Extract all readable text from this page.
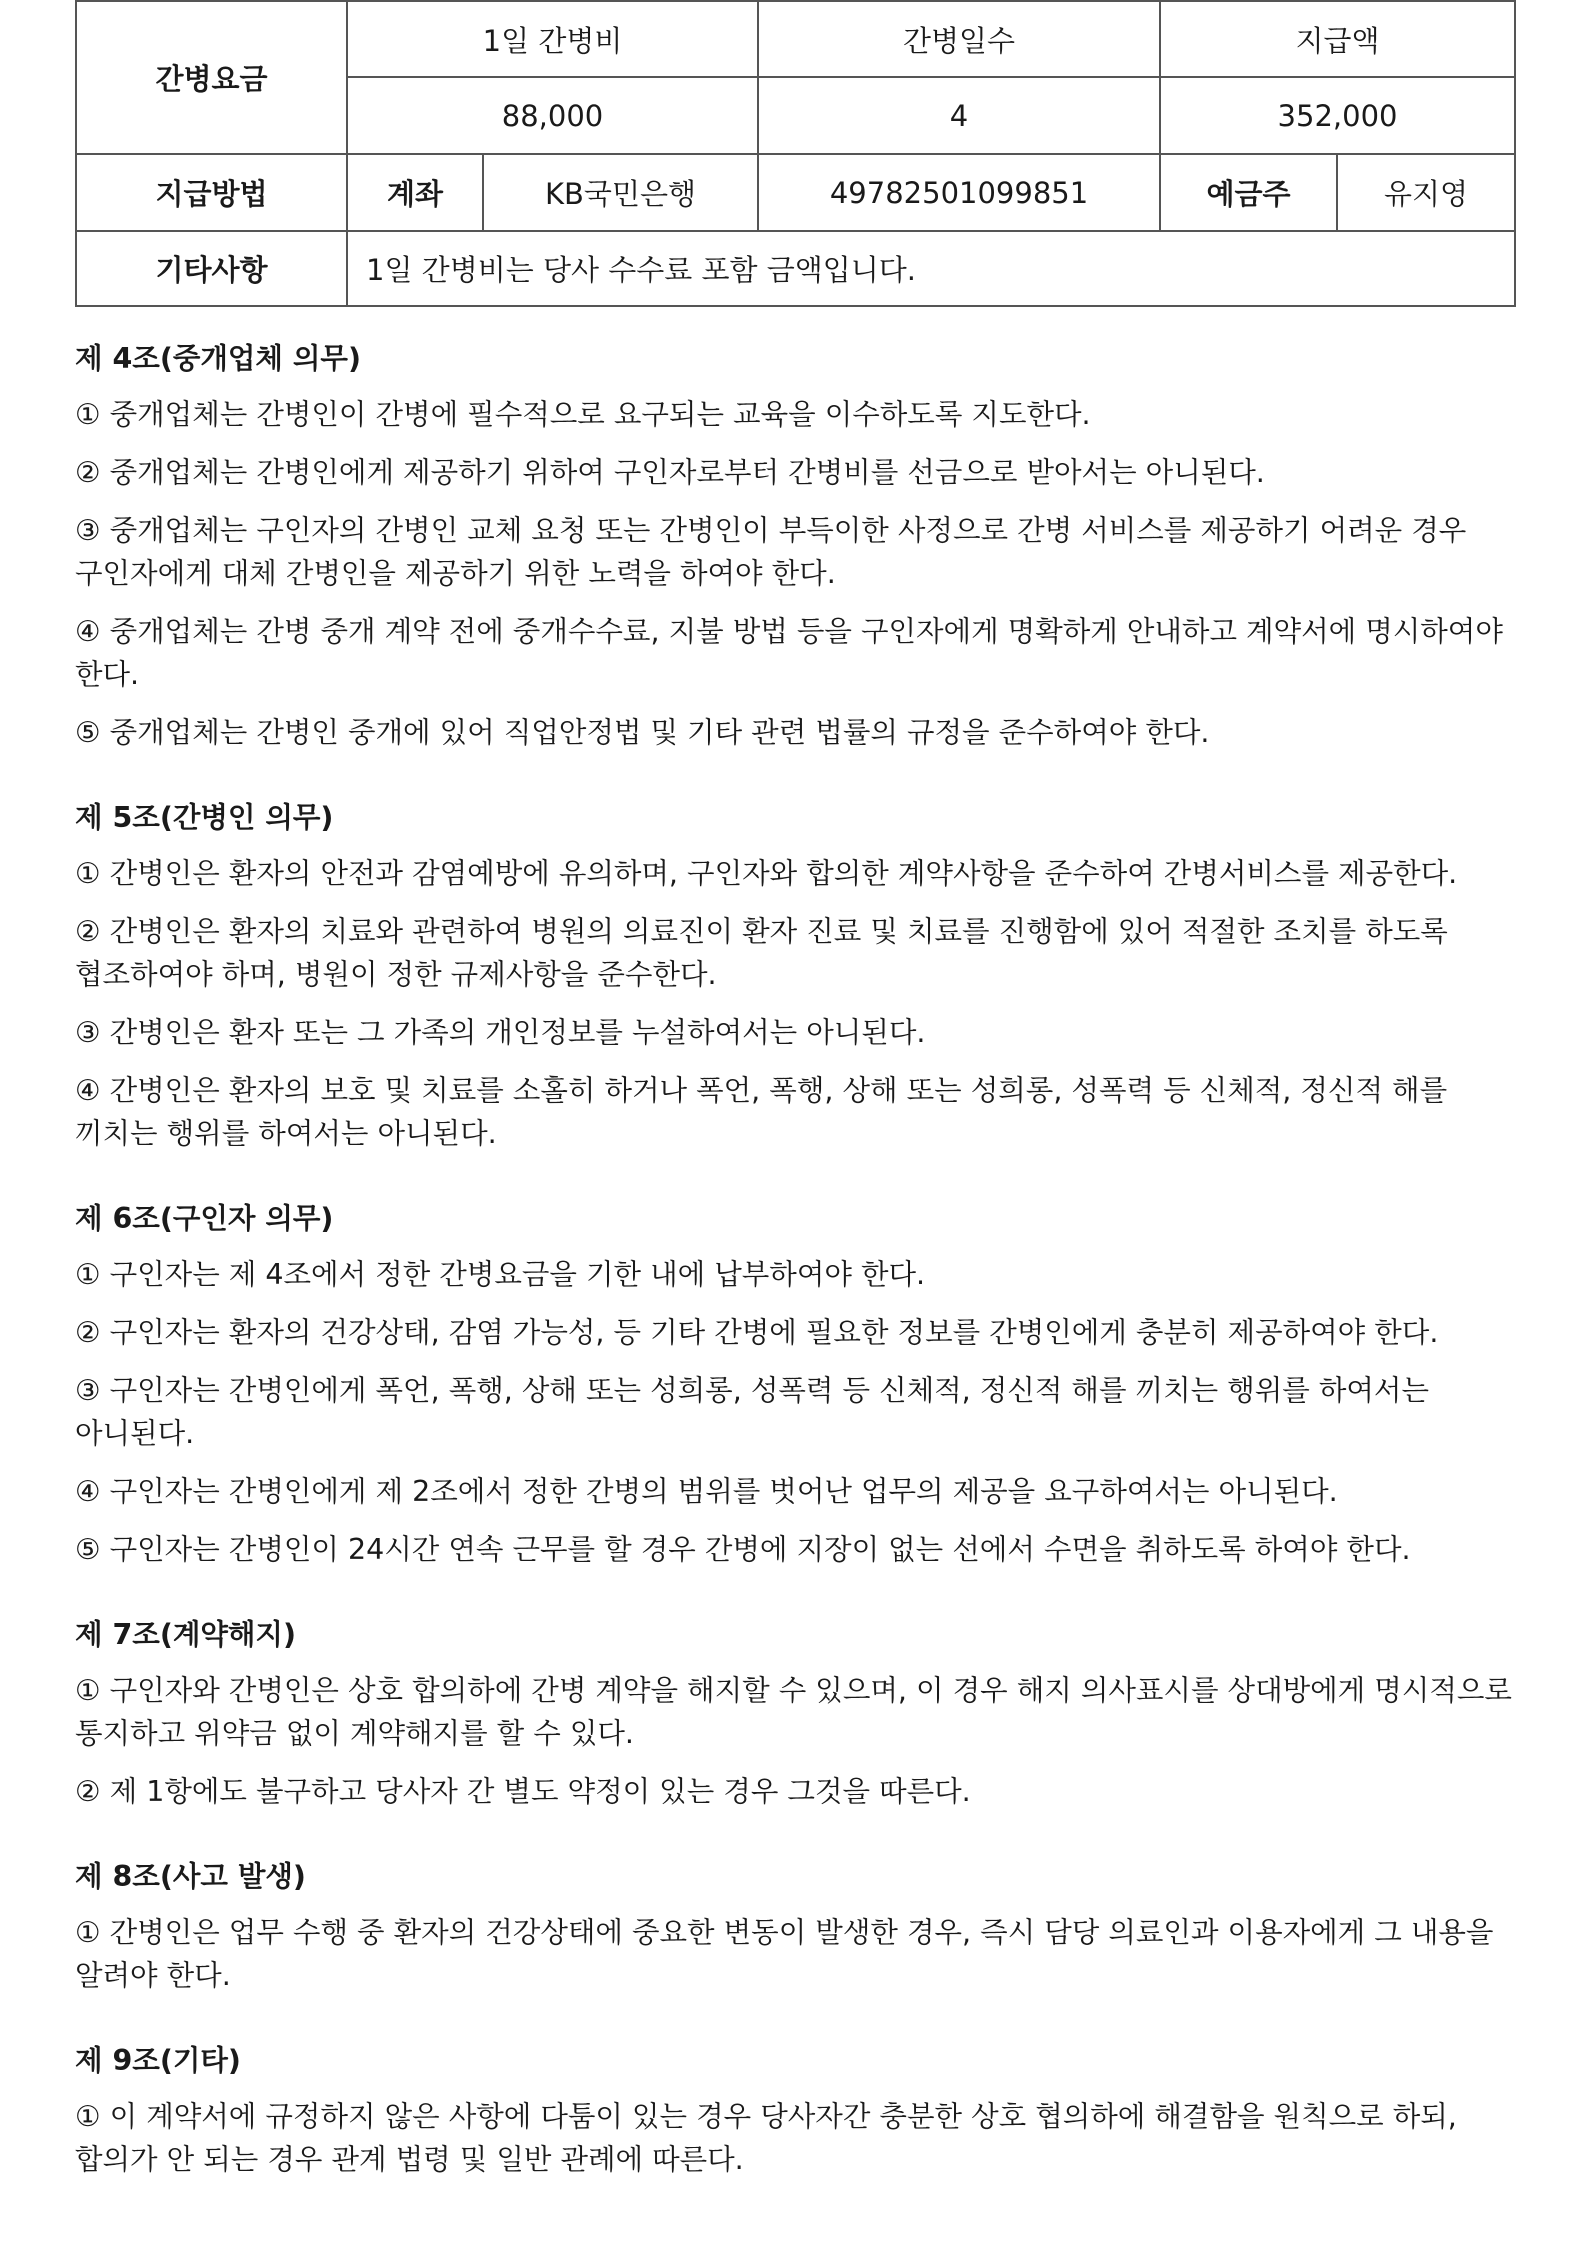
간병요금	1일 간병비		간병일수	지급액	
	88,000		4	352,000	
지급방법	계좌	KB국민은행	49782501099851	예금주	유지영
기타사항	1일 간병비는 당사 수수료 포함 금액입니다.				
제 4조(중개업체 의무)
① 중개업체는 간병인이 간병에 필수적으로 요구되는 교육을 이수하도록 지도한다.
② 중개업체는 간병인에게 제공하기 위하여 구인자로부터 간병비를 선금으로 받아서는 아니된다.
③ 중개업체는 구인자의 간병인 교체 요청 또는 간병인이 부득이한 사정으로 간병 서비스를 제공하기 어려운 경우 구인자에게 대체 간병인을 제공하기 위한 노력을 하여야 한다.
④ 중개업체는 간병 중개 계약 전에 중개수수료, 지불 방법 등을 구인자에게 명확하게 안내하고 계약서에 명시하여야 한다.
⑤ 중개업체는 간병인 중개에 있어 직업안정법 및 기타 관련 법률의 규정을 준수하여야 한다.
제 5조(간병인 의무)
① 간병인은 환자의 안전과 감염예방에 유의하며, 구인자와 합의한 계약사항을 준수하여 간병서비스를 제공한다.
② 간병인은 환자의 치료와 관련하여 병원의 의료진이 환자 진료 및 치료를 진행함에 있어 적절한 조치를 하도록 협조하여야 하며, 병원이 정한 규제사항을 준수한다.
③ 간병인은 환자 또는 그 가족의 개인정보를 누설하여서는 아니된다.
④ 간병인은 환자의 보호 및 치료를 소홀히 하거나 폭언, 폭행, 상해 또는 성희롱, 성폭력 등 신체적, 정신적 해를 끼치는 행위를 하여서는 아니된다.
제 6조(구인자 의무)
① 구인자는 제 4조에서 정한 간병요금을 기한 내에 납부하여야 한다.
② 구인자는 환자의 건강상태, 감염 가능성, 등 기타 간병에 필요한 정보를 간병인에게 충분히 제공하여야 한다.
③ 구인자는 간병인에게 폭언, 폭행, 상해 또는 성희롱, 성폭력 등 신체적, 정신적 해를 끼치는 행위를 하여서는 아니된다.
④ 구인자는 간병인에게 제 2조에서 정한 간병의 범위를 벗어난 업무의 제공을 요구하여서는 아니된다.
⑤ 구인자는 간병인이 24시간 연속 근무를 할 경우 간병에 지장이 없는 선에서 수면을 취하도록 하여야 한다.
제 7조(계약해지)
① 구인자와 간병인은 상호 합의하에 간병 계약을 해지할 수 있으며, 이 경우 해지 의사표시를 상대방에게 명시적으로 통지하고 위약금 없이 계약해지를 할 수 있다.
② 제 1항에도 불구하고 당사자 간 별도 약정이 있는 경우 그것을 따른다.
제 8조(사고 발생)
① 간병인은 업무 수행 중 환자의 건강상태에 중요한 변동이 발생한 경우, 즉시 담당 의료인과 이용자에게 그 내용을 알려야 한다.
제 9조(기타)
① 이 계약서에 규정하지 않은 사항에 다툼이 있는 경우 당사자간 충분한 상호 협의하에 해결함을 원칙으로 하되, 합의가 안 되는 경우 관계 법령 및 일반 관례에 따른다.
